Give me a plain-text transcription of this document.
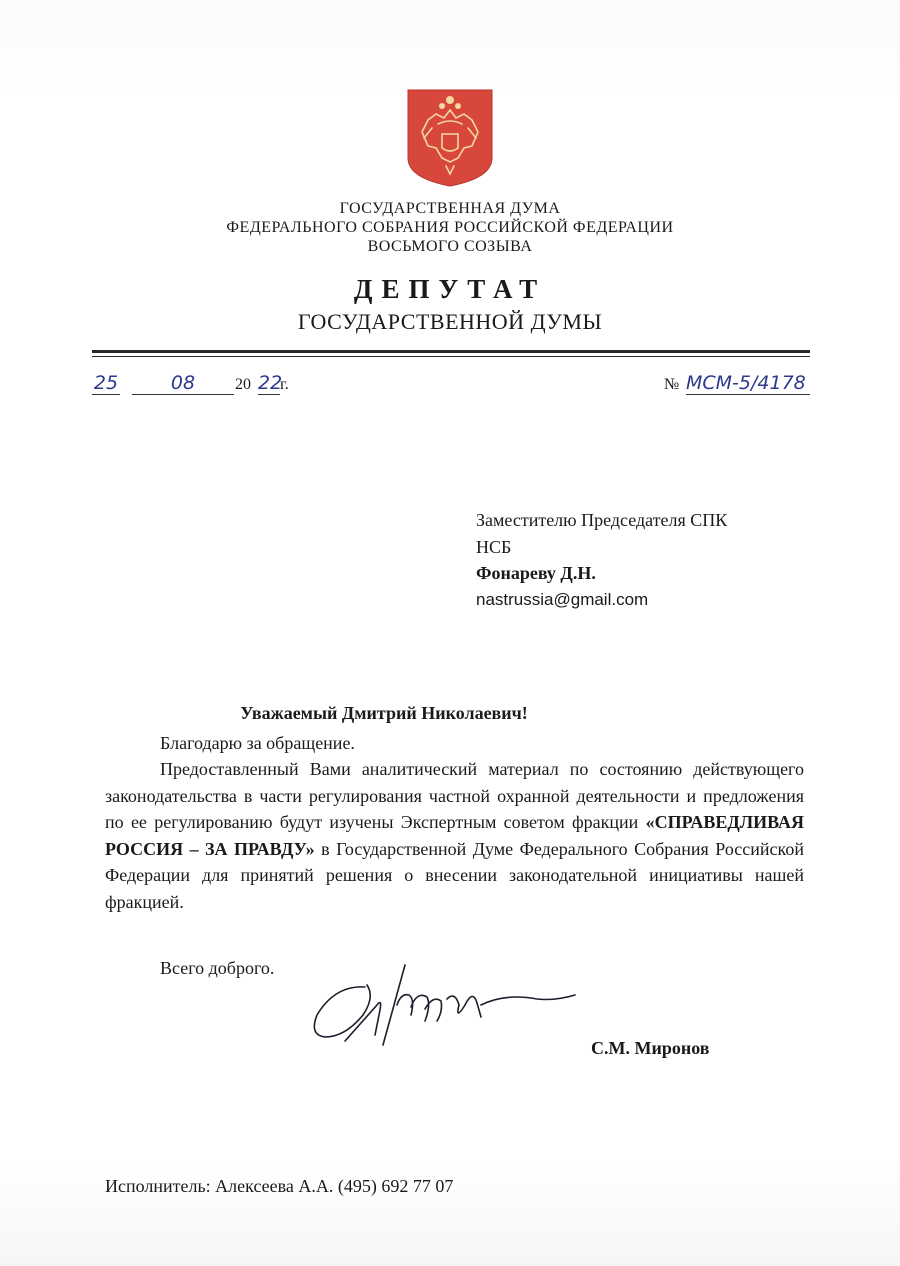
ГОСУДАРСТВЕННАЯ ДУМА
ФЕДЕРАЛЬНОГО СОБРАНИЯ РОССИЙСКОЙ ФЕДЕРАЦИИ
ВОСЬМОГО СОЗЫВА
ДЕПУТАТ
ГОСУДАРСТВЕННОЙ ДУМЫ
25	08	20 22
г.	№ МСМ-5/4178
Заместителю Председателя СПК
НСБ
Фонареву Д.Н.
nastrussia@gmail.com
Уважаемый Дмитрий Николаевич!
Благодарю за обращение.
Предоставленный Вами аналитический материал по состоянию действующего законодательства в части регулирования частной охранной деятельности и предложения по ее регулированию будут изучены Экспертным советом фракции «СПРАВЕДЛИВАЯ РОССИЯ – ЗА ПРАВДУ» в Государственной Думе Федерального Собрания Российской Федерации для принятий решения о внесении законодательной инициативы нашей фракцией.
Всего доброго.
С.М. Миронов
Исполнитель: Алексеева А.А. (495) 692 77 07
